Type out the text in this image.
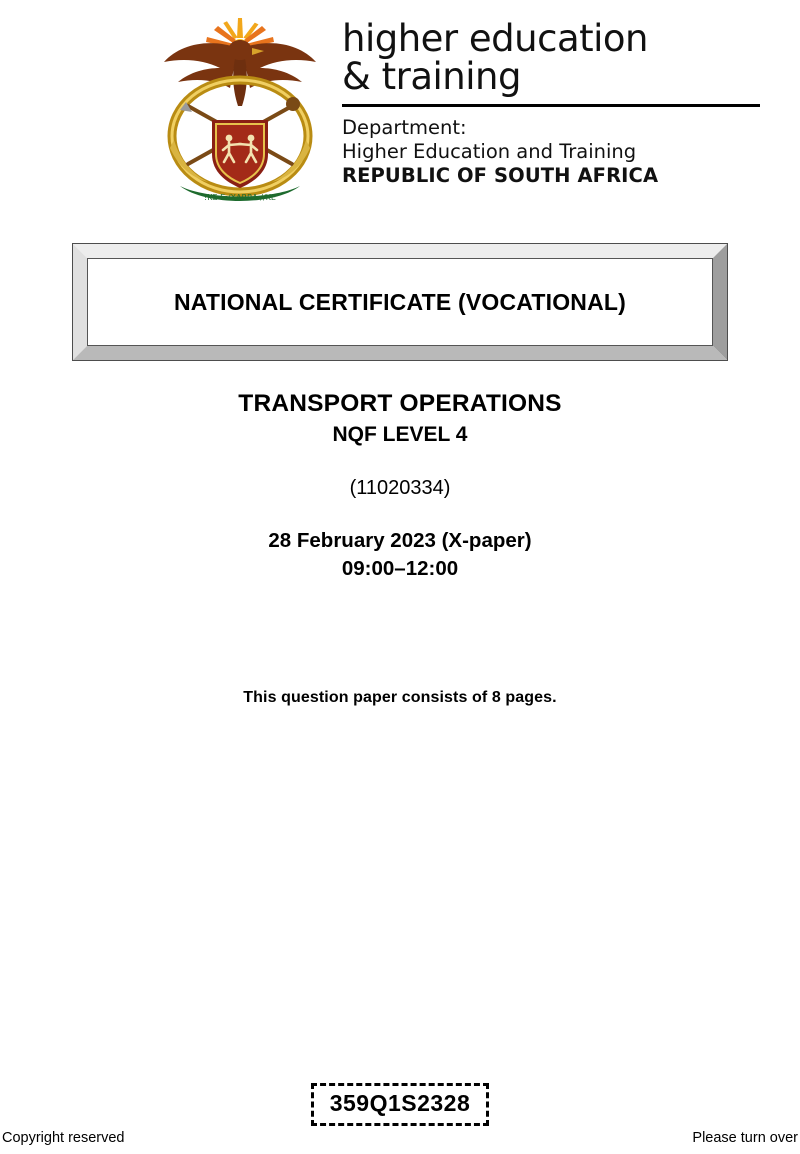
!KE E:/XARRA //KE
higher education
& training
Department:
Higher Education and Training
REPUBLIC OF SOUTH AFRICA
NATIONAL CERTIFICATE (VOCATIONAL)
TRANSPORT OPERATIONS
NQF LEVEL 4
(11020334)
28 February 2023 (X-paper)
09:00–12:00
This question paper consists of 8 pages.
359Q1S2328
Copyright reserved	Please turn over
